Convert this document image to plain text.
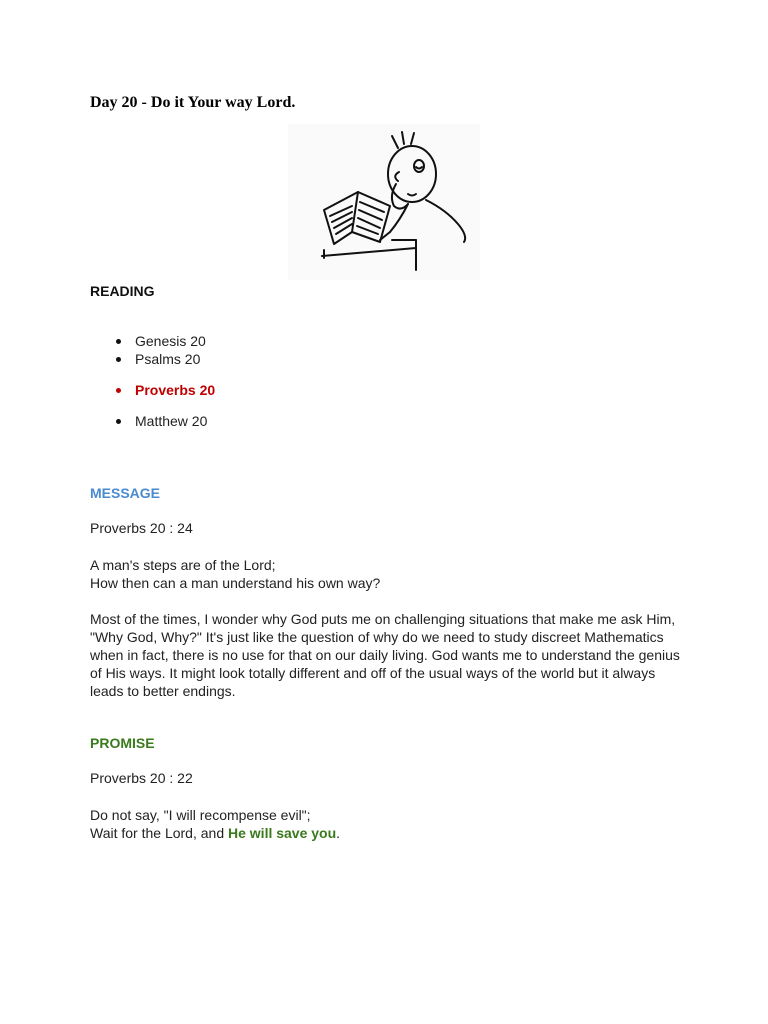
Day 20 - Do it Your way Lord.
READING
Genesis 20
Psalms 20
Proverbs 20
Matthew 20
MESSAGE

Proverbs 20 : 24

A man's steps are of the Lord;
How then can a man understand his own way?

Most of the times, I wonder why God puts me on challenging situations that make me ask Him, "Why God, Why?" It's just like the question of why do we need to study discreet Mathematics when in fact, there is no use for that on our daily living. God wants me to understand the genius of His ways. It might look totally different and off of the usual ways of the world but it always leads to better endings.

PROMISE

Proverbs 20 : 22

Do not say, "I will recompense evil";
Wait for the Lord, and He will save you.
